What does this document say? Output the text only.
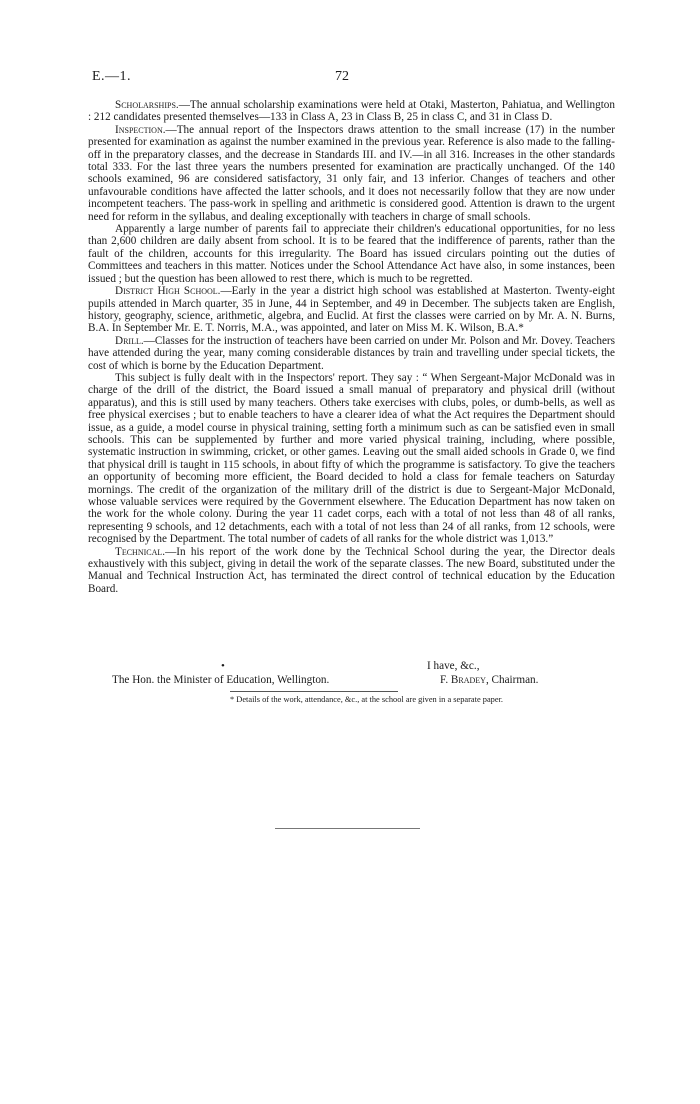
E.—1.	72

Scholarships.—The annual scholarship examinations were held at Otaki, Masterton, Pahiatua, and Wellington : 212 candidates presented themselves—133 in Class A, 23 in Class B, 25 in class C, and 31 in Class D.

Inspection.—The annual report of the Inspectors draws attention to the small increase (17) in the number presented for examination as against the number examined in the previous year. Reference is also made to the falling-off in the preparatory classes, and the decrease in Standards III. and IV.—in all 316. Increases in the other standards total 333. For the last three years the numbers presented for examination are practically unchanged. Of the 140 schools examined, 96 are considered satisfactory, 31 only fair, and 13 inferior. Changes of teachers and other unfavourable conditions have affected the latter schools, and it does not necessarily follow that they are now under incompetent teachers. The pass-work in spelling and arithmetic is considered good. Attention is drawn to the urgent need for reform in the syllabus, and dealing exceptionally with teachers in charge of small schools.

Apparently a large number of parents fail to appreciate their children's educational opportunities, for no less than 2,600 children are daily absent from school. It is to be feared that the indifference of parents, rather than the fault of the children, accounts for this irregularity. The Board has issued circulars pointing out the duties of Committees and teachers in this matter. Notices under the School Attendance Act have also, in some instances, been issued ; but the question has been allowed to rest there, which is much to be regretted.

District High School.—Early in the year a district high school was established at Masterton. Twenty-eight pupils attended in March quarter, 35 in June, 44 in September, and 49 in December. The subjects taken are English, history, geography, science, arithmetic, algebra, and Euclid. At first the classes were carried on by Mr. A. N. Burns, B.A. In September Mr. E. T. Norris, M.A., was appointed, and later on Miss M. K. Wilson, B.A.*

Drill.—Classes for the instruction of teachers have been carried on under Mr. Polson and Mr. Dovey. Teachers have attended during the year, many coming considerable distances by train and travelling under special tickets, the cost of which is borne by the Education Department.

This subject is fully dealt with in the Inspectors' report. They say : “ When Sergeant-Major McDonald was in charge of the drill of the district, the Board issued a small manual of preparatory and physical drill (without apparatus), and this is still used by many teachers. Others take exercises with clubs, poles, or dumb-bells, as well as free physical exercises ; but to enable teachers to have a clearer idea of what the Act requires the Department should issue, as a guide, a model course in physical training, setting forth a minimum such as can be satisfied even in small schools. This can be supplemented by further and more varied physical training, including, where possible, systematic instruction in swimming, cricket, or other games. Leaving out the small aided schools in Grade 0, we find that physical drill is taught in 115 schools, in about fifty of which the programme is satisfactory. To give the teachers an opportunity of becoming more efficient, the Board decided to hold a class for female teachers on Saturday mornings. The credit of the organization of the military drill of the district is due to Sergeant-Major McDonald, whose valuable services were required by the Government elsewhere. The Education Department has now taken on the work for the whole colony. During the year 11 cadet corps, each with a total of not less than 48 of all ranks, representing 9 schools, and 12 detachments, each with a total of not less than 24 of all ranks, from 12 schools, were recognised by the Department. The total number of cadets of all ranks for the whole district was 1,013.”

Technical.—In his report of the work done by the Technical School during the year, the Director deals exhaustively with this subject, giving in detail the work of the separate classes. The new Board, substituted under the Manual and Technical Instruction Act, has terminated the direct control of technical education by the Education Board.

•	I have, &c.,
The Hon. the Minister of Education, Wellington.	F. Bradey, Chairman.
* Details of the work, attendance, &c., at the school are given in a separate paper.
